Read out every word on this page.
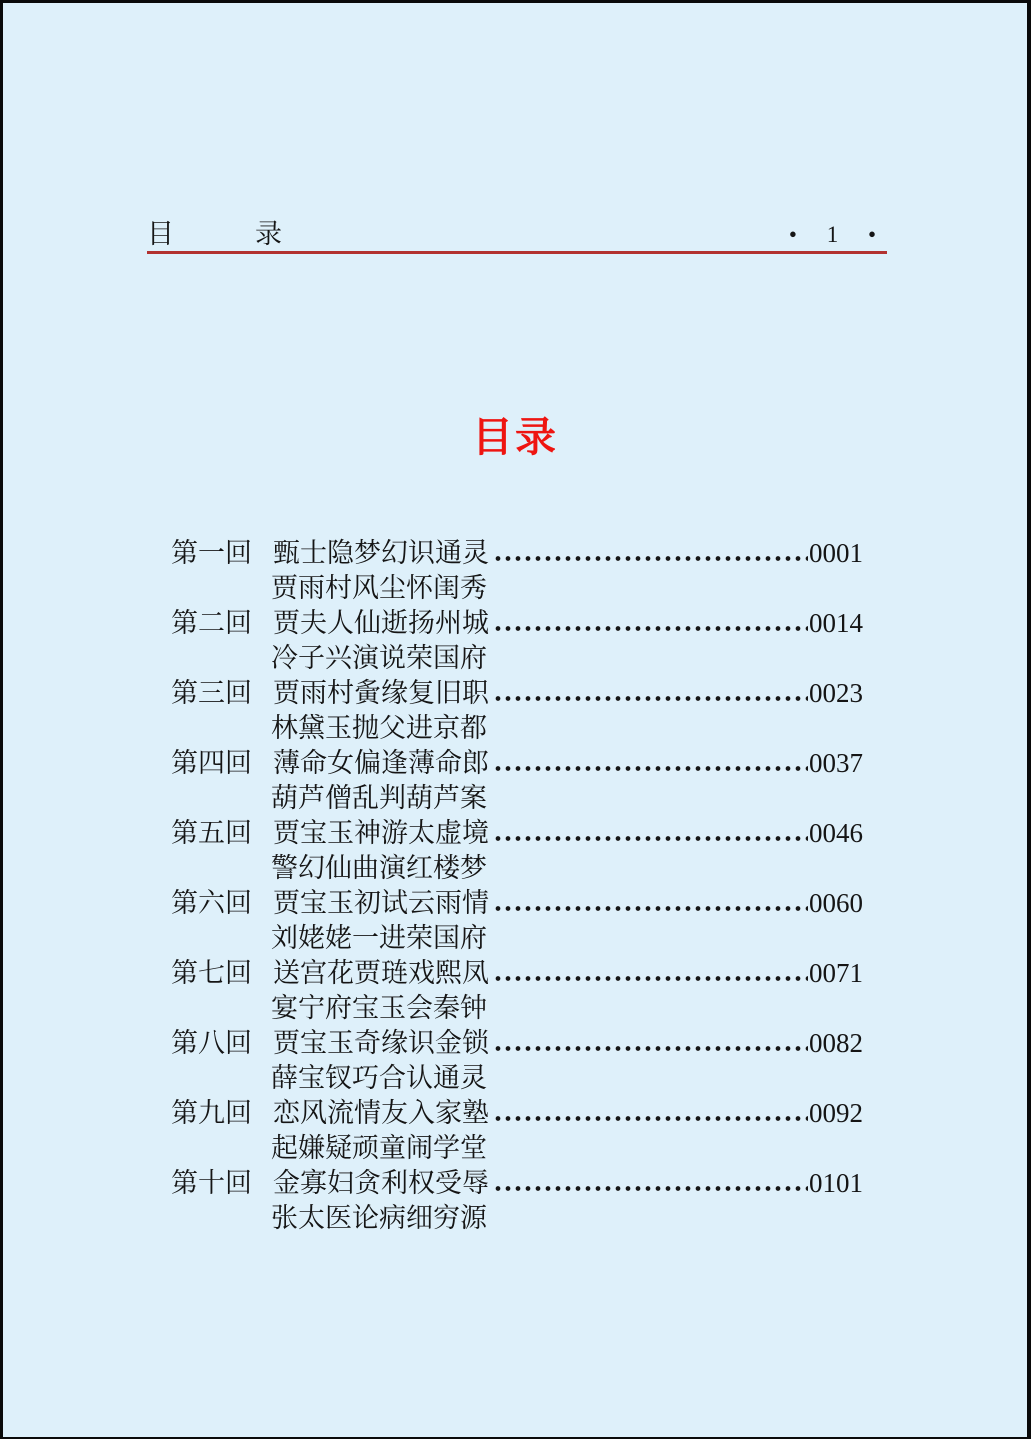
目　　　录	• 1 •
目录
第一回 甄士隐梦幻识通灵	0001
贾雨村风尘怀闺秀
第二回 贾夫人仙逝扬州城	0014
冷子兴演说荣国府
第三回 贾雨村夤缘复旧职	0023
林黛玉抛父进京都
第四回 薄命女偏逢薄命郎	0037
葫芦僧乱判葫芦案
第五回 贾宝玉神游太虚境	0046
警幻仙曲演红楼梦
第六回 贾宝玉初试云雨情	0060
刘姥姥一进荣国府
第七回 送宫花贾琏戏熙凤	0071
宴宁府宝玉会秦钟
第八回 贾宝玉奇缘识金锁	0082
薛宝钗巧合认通灵
第九回 恋风流情友入家塾	0092
起嫌疑顽童闹学堂
第十回 金寡妇贪利权受辱	0101
张太医论病细穷源
